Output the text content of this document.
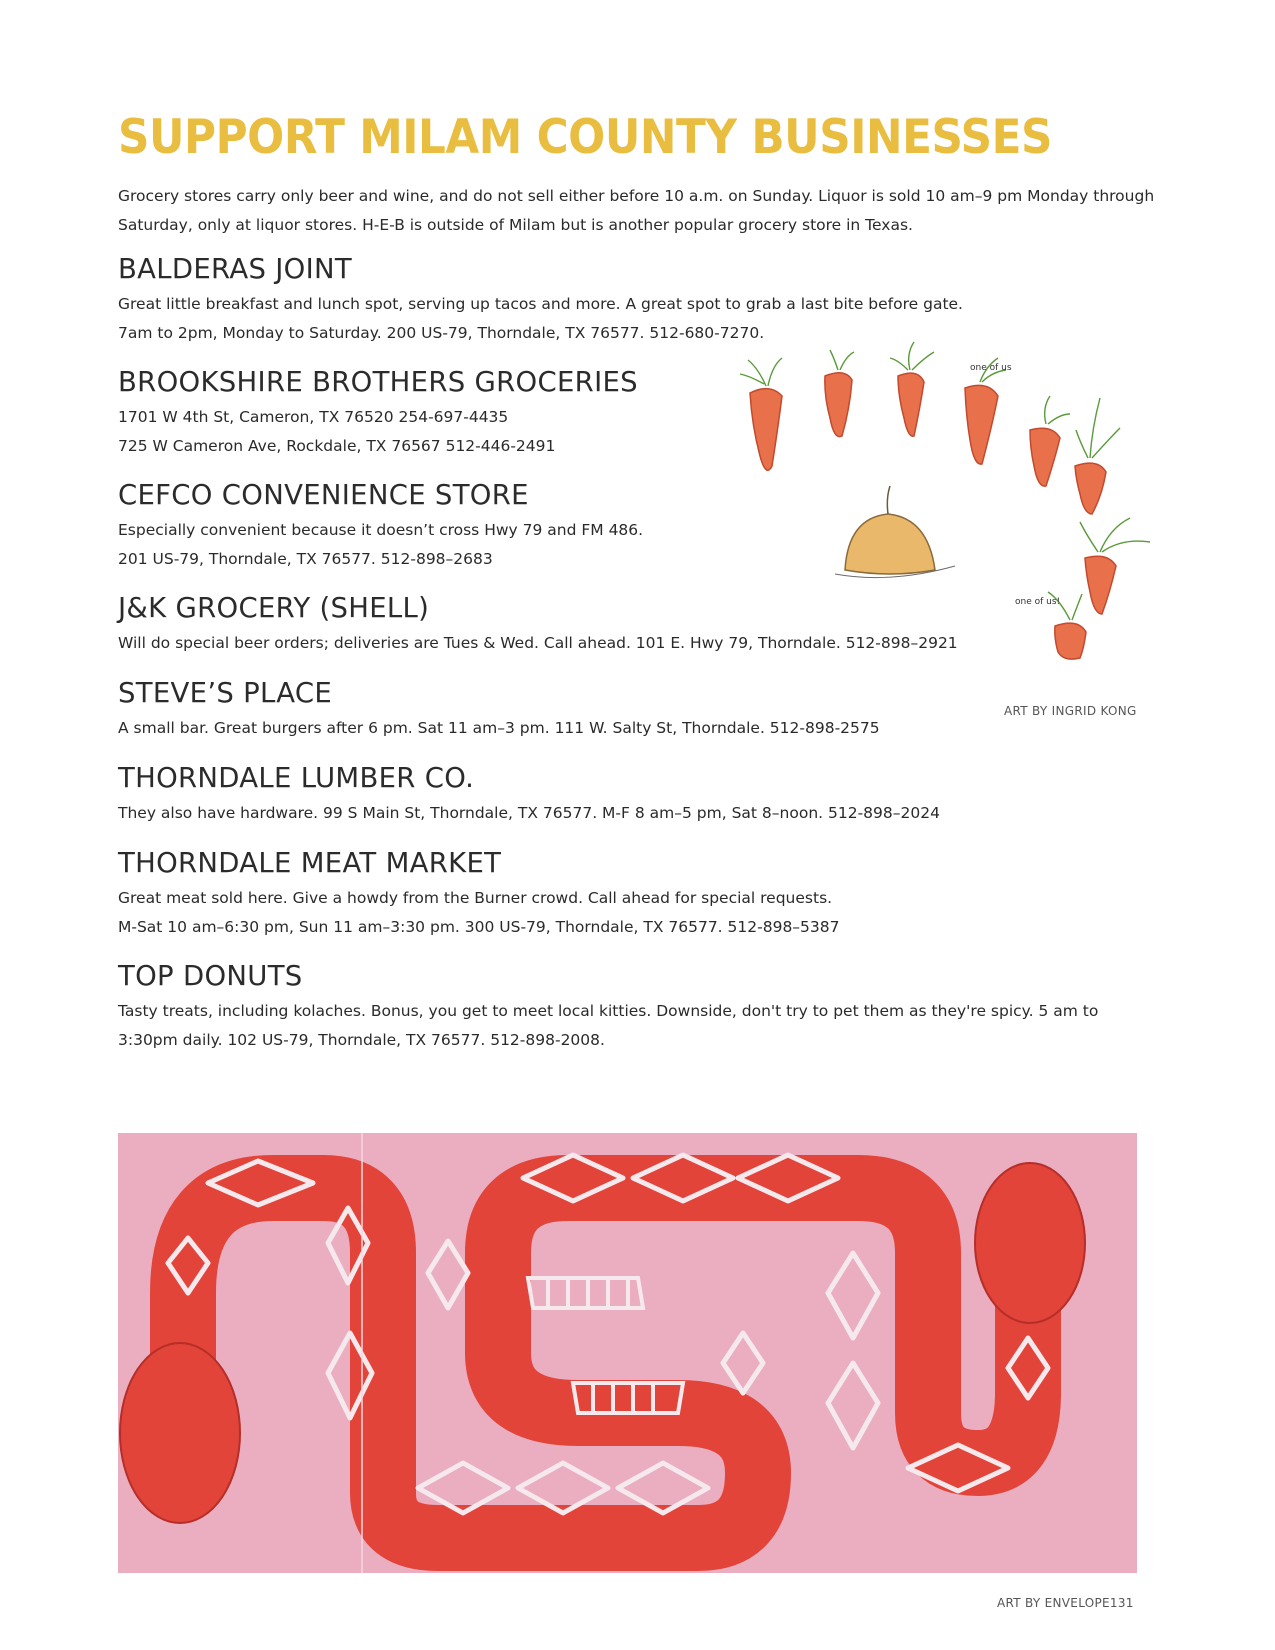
SUPPORT MILAM COUNTY BUSINESSES

Grocery stores carry only beer and wine, and do not sell either before 10 a.m. on Sunday. Liquor is sold 10 am–9 pm Monday through Saturday, only at liquor stores. H-E-B is outside of Milam but is another popular grocery store in Texas.

BALDERAS JOINT

Great little breakfast and lunch spot, serving up tacos and more. A great spot to grab a last bite before gate.

7am to 2pm, Monday to Saturday. 200 US-79, Thorndale, TX 76577. 512-680-7270.

BROOKSHIRE BROTHERS GROCERIES

1701 W 4th St, Cameron, TX 76520 254-697-4435

725 W Cameron Ave, Rockdale, TX 76567 512-446-2491

CEFCO CONVENIENCE STORE

Especially convenient because it doesn’t cross Hwy 79 and FM 486.

201 US-79, Thorndale, TX 76577. 512-898–2683

J&K GROCERY (SHELL)

Will do special beer orders; deliveries are Tues & Wed. Call ahead. 101 E. Hwy 79, Thorndale. 512-898–2921

STEVE’S PLACE

A small bar. Great burgers after 6 pm. Sat 11 am–3 pm. 111 W. Salty St, Thorndale. 512-898-2575

THORNDALE LUMBER CO.

They also have hardware. 99 S Main St, Thorndale, TX 76577. M-F 8 am–5 pm, Sat 8–noon. 512-898–2024

THORNDALE MEAT MARKET

Great meat sold here. Give a howdy from the Burner crowd. Call ahead for special requests.

M-Sat 10 am–6:30 pm, Sun 11 am–3:30 pm. 300 US-79, Thorndale, TX 76577. 512-898–5387

TOP DONUTS

Tasty treats, including kolaches. Bonus, you get to meet local kitties. Downside, don't try to pet them as they're spicy. 5 am to 3:30pm daily. 102 US-79, Thorndale, TX 76577. 512-898-2008.

one of us
one of us!
ART BY INGRID KONG
ART BY ENVELOPE131
